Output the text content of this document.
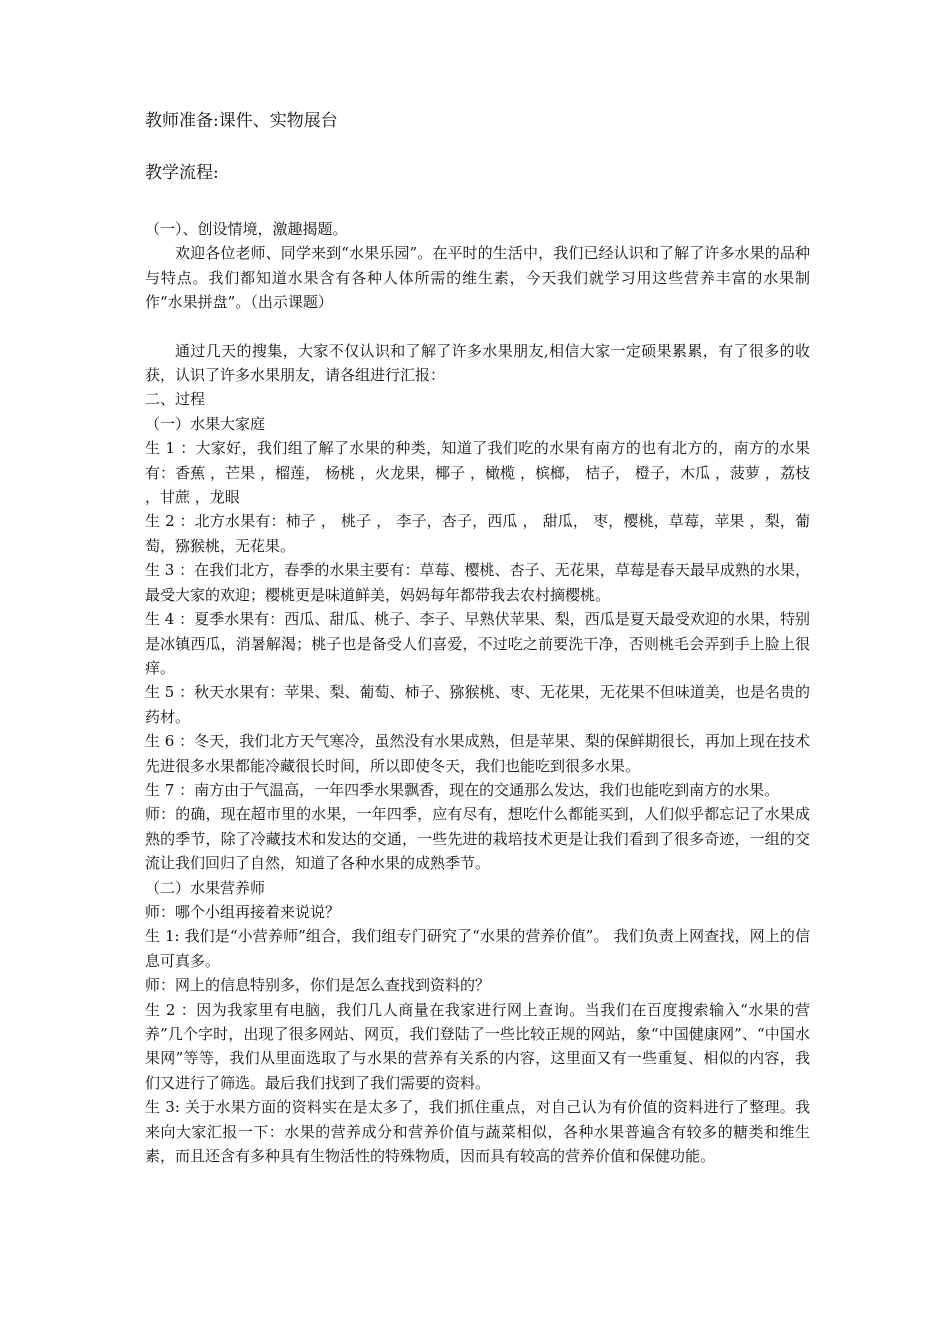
教师准备:课件、实物展台

教学流程:

（一）、创设情境，激趣揭题。

欢迎各位老师、同学来到“水果乐园”。在平时的生活中，我们已经认识和了解了许多水果的品种与特点。我们都知道水果含有各种人体所需的维生素，今天我们就学习用这些营养丰富的水果制作“水果拼盘”。（出示课题）

通过几天的搜集，大家不仅认识和了解了许多水果朋友,相信大家一定硕果累累，有了很多的收获，认识了许多水果朋友，请各组进行汇报：

二、过程

（一）水果大家庭

生 1 ：大家好，我们组了解了水果的种类，知道了我们吃的水果有南方的也有北方的，南方的水果有：香蕉 ，芒果 ，榴莲， 杨桃 ，火龙果，椰子 ，橄榄 ，槟榔， 桔子， 橙子，木瓜 ，菠萝 ，荔枝 ，甘蔗 ，龙眼

生 2 ：北方水果有：柿子 ， 桃子 ， 李子，杏子，西瓜 ， 甜瓜， 枣，樱桃，草莓，苹果 ，梨，葡萄，猕猴桃，无花果。

生 3 ：在我们北方，春季的水果主要有：草莓、樱桃、杏子、无花果，草莓是春天最早成熟的水果，最受大家的欢迎；樱桃更是味道鲜美，妈妈每年都带我去农村摘樱桃。

生 4 ：夏季水果有：西瓜、甜瓜、桃子、李子、早熟伏苹果、梨，西瓜是夏天最受欢迎的水果，特别是冰镇西瓜，消暑解渴；桃子也是备受人们喜爱，不过吃之前要洗干净，否则桃毛会弄到手上脸上很痒。

生 5 ：秋天水果有：苹果、梨、葡萄、柿子、猕猴桃、枣、无花果，无花果不但味道美，也是名贵的药材。

生 6 ：冬天，我们北方天气寒冷，虽然没有水果成熟，但是苹果、梨的保鲜期很长，再加上现在技术先进很多水果都能冷藏很长时间，所以即使冬天，我们也能吃到很多水果。

生 7 ：南方由于气温高，一年四季水果飘香，现在的交通那么发达，我们也能吃到南方的水果。

师：的确，现在超市里的水果，一年四季，应有尽有，想吃什么都能买到，人们似乎都忘记了水果成熟的季节，除了冷藏技术和发达的交通，一些先进的栽培技术更是让我们看到了很多奇迹，一组的交流让我们回归了自然，知道了各种水果的成熟季节。

（二）水果营养师

师：哪个小组再接着来说说？

生 1: 我们是“小营养师”组合，我们组专门研究了“水果的营养价值”。 我们负责上网查找，网上的信息可真多。

师：网上的信息特别多，你们是怎么查找到资料的？

生 2 ：因为我家里有电脑，我们几人商量在我家进行网上查询。当我们在百度搜索输入“水果的营养”几个字时，出现了很多网站、网页，我们登陆了一些比较正规的网站，象“中国健康网”、“中国水果网”等等，我们从里面选取了与水果的营养有关系的内容，这里面又有一些重复、相似的内容，我们又进行了筛选。最后我们找到了我们需要的资料。

生 3: 关于水果方面的资料实在是太多了，我们抓住重点，对自己认为有价值的资料进行了整理。我来向大家汇报一下：水果的营养成分和营养价值与蔬菜相似，各种水果普遍含有较多的糖类和维生素，而且还含有多种具有生物活性的特殊物质，因而具有较高的营养价值和保健功能。
